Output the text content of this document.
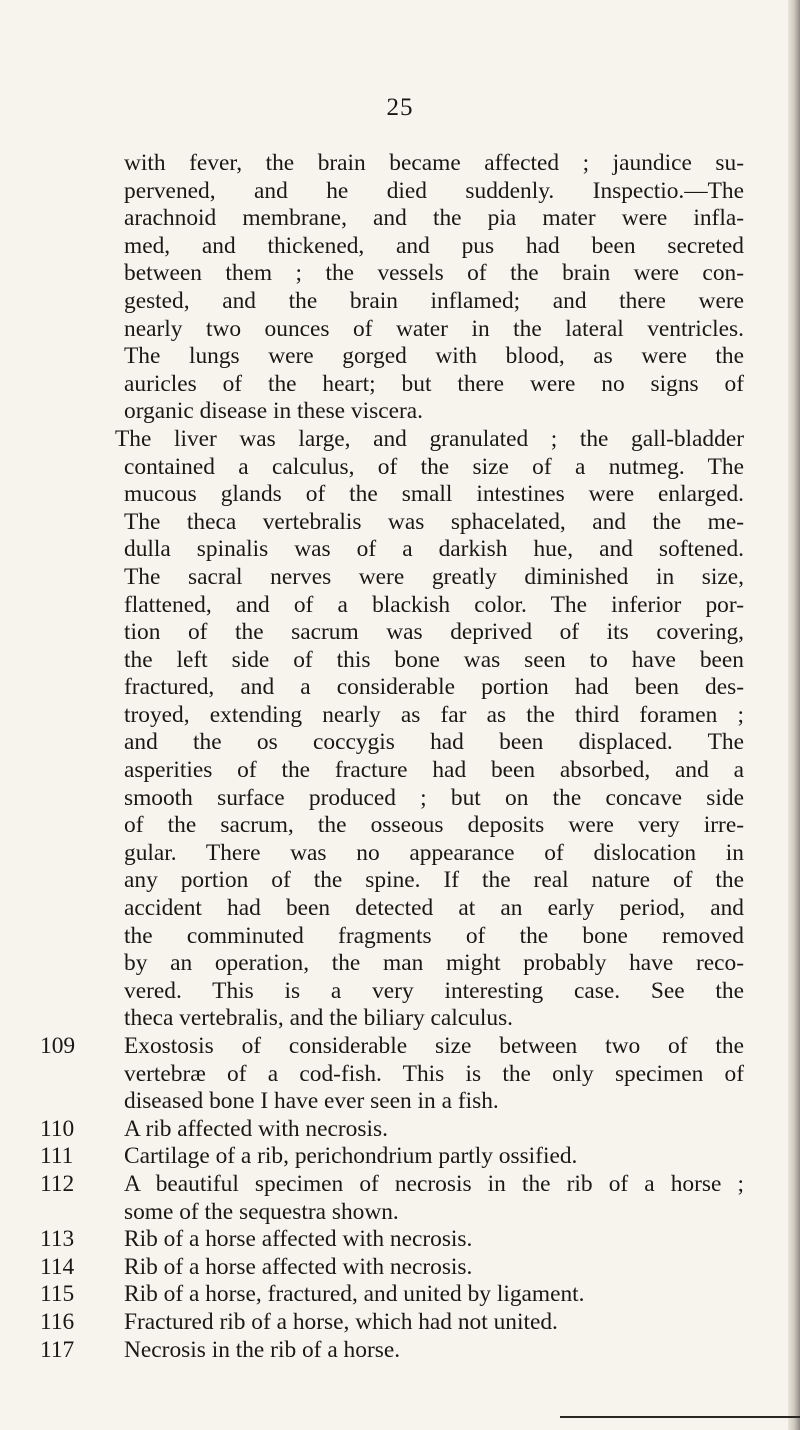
25
with fever, the brain became affected ; jaundice su-
pervened, and he died suddenly. Inspectio.—The
arachnoid membrane, and the pia mater were infla-
med, and thickened, and pus had been secreted
between them ; the vessels of the brain were con-
gested, and the brain inflamed; and there were
nearly two ounces of water in the lateral ventricles.
The lungs were gorged with blood, as were the
auricles of the heart; but there were no signs of
organic disease in these viscera.
The liver was large, and granulated ; the gall-bladder
contained a calculus, of the size of a nutmeg. The
mucous glands of the small intestines were enlarged.
The theca vertebralis was sphacelated, and the me-
dulla spinalis was of a darkish hue, and softened.
The sacral nerves were greatly diminished in size,
flattened, and of a blackish color. The inferior por-
tion of the sacrum was deprived of its covering,
the left side of this bone was seen to have been
fractured, and a considerable portion had been des-
troyed, extending nearly as far as the third foramen ;
and the os coccygis had been displaced. The
asperities of the fracture had been absorbed, and a
smooth surface produced ; but on the concave side
of the sacrum, the osseous deposits were very irre-
gular. There was no appearance of dislocation in
any portion of the spine. If the real nature of the
accident had been detected at an early period, and
the comminuted fragments of the bone removed
by an operation, the man might probably have reco-
vered. This is a very interesting case. See the
theca vertebralis, and the biliary calculus.
109	Exostosis of considerable size between two of the
vertebræ of a cod-fish. This is the only specimen of
diseased bone I have ever seen in a fish.
110	A rib affected with necrosis.
111	Cartilage of a rib, perichondrium partly ossified.
112	A beautiful specimen of necrosis in the rib of a horse ;
some of the sequestra shown.
113	Rib of a horse affected with necrosis.
114	Rib of a horse affected with necrosis.
115	Rib of a horse, fractured, and united by ligament.
116	Fractured rib of a horse, which had not united.
117	Necrosis in the rib of a horse.
